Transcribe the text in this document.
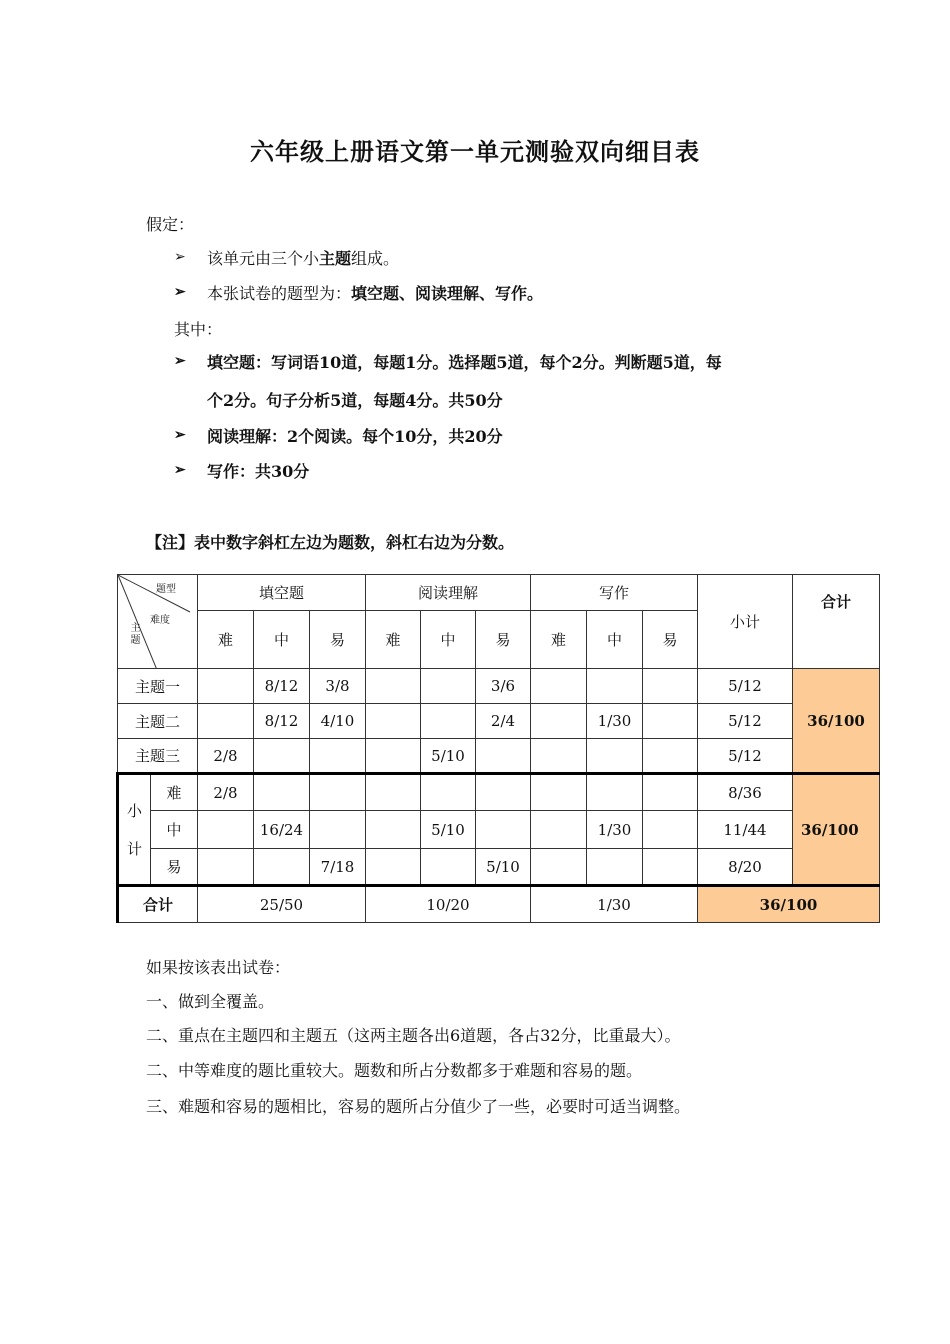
六年级上册语文第一单元测验双向细目表
假定：
➢ 该单元由三个小主题组成。
➢ 本张试卷的题型为：填空题、阅读理解、写作。
其中：
➢ 填空题：写词语10道，每题1分。选择题5道，每个2分。判断题5道，每
个2分。句子分析5道，每题4分。共50分
➢ 阅读理解：2个阅读。每个10分，共20分
➢ 写作：共30分
【注】表中数字斜杠左边为题数，斜杠右边为分数。
题型
难度
主题		填空题			阅读理解			写作			小计	合计
		难	中	易	难	中	易	难	中	易		
主题一			8/12	3/8			3/6				5/12	36/100
主题二			8/12	4/10			2/4		1/30		5/12	
主题三		2/8				5/10					5/12	
小
计	难	2/8									8/36	36/100
	中		16/24			5/10			1/30		11/44	
	易			7/18			5/10				8/20	
合计		25/50			10/20			1/30			36/100	
如果按该表出试卷：
一、做到全覆盖。
二、重点在主题四和主题五（这两主题各出6道题，各占32分，比重最大）。
二、中等难度的题比重较大。题数和所占分数都多于难题和容易的题。
三、难题和容易的题相比，容易的题所占分值少了一些，必要时可适当调整。
